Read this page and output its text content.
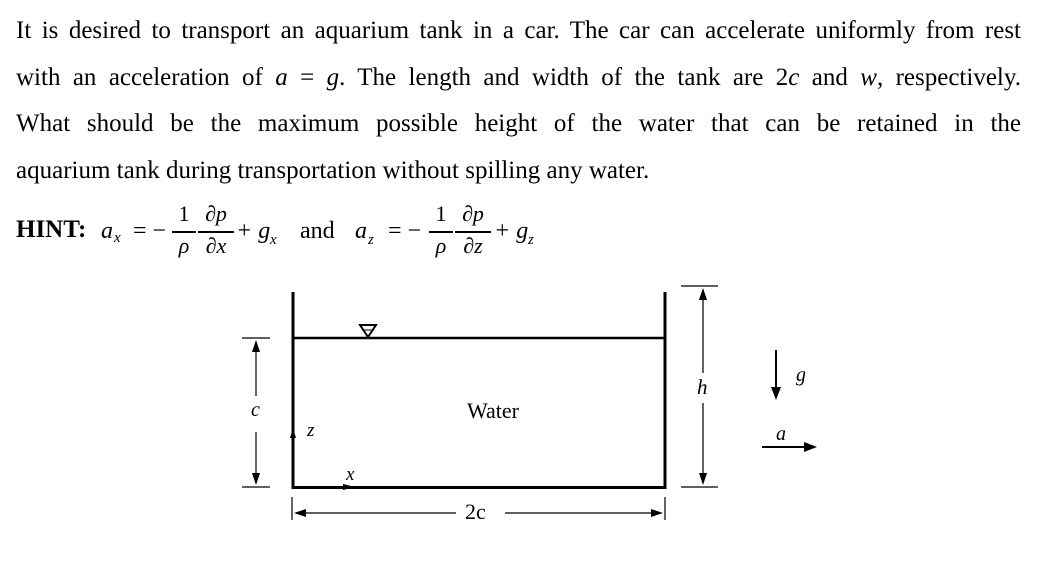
It is desired to transport an aquarium tank in a car. The car can accelerate uniformly from rest
with an acceleration of a = g. The length and width of the tank are 2c and w, respectively.
What should be the maximum possible height of the water that can be retained in the
aquarium tank during transportation without spilling any water.
HINT: a x = −
1
ρ
∂p
∂x
+ g x and a z = −
1
ρ
∂p
∂z
+ g z
Water
c
h
z
x
2c
g
a
